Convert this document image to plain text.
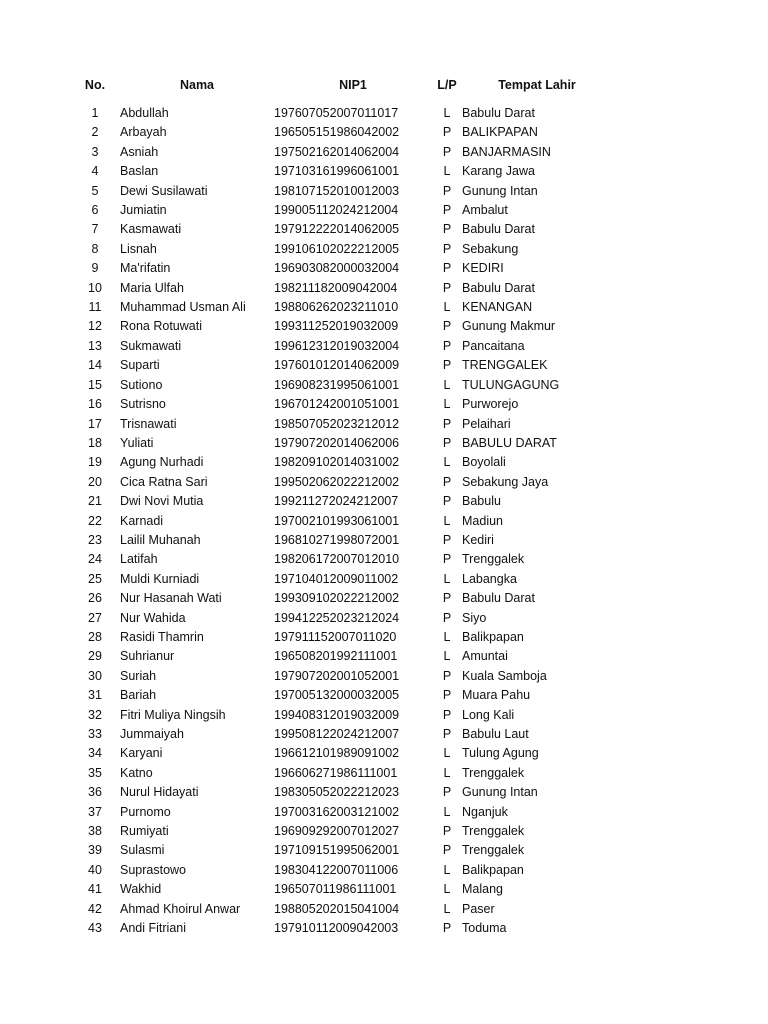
No.	Nama	NIP1	L/P	Tempat Lahir
1	Abdullah	197607052007011017	L	Babulu Darat
2	Arbayah	196505151986042002	P	BALIKPAPAN
3	Asniah	197502162014062004	P	BANJARMASIN
4	Baslan	197103161996061001	L	Karang Jawa
5	Dewi Susilawati	198107152010012003	P	Gunung Intan
6	Jumiatin	199005112024212004	P	Ambalut
7	Kasmawati	197912222014062005	P	Babulu Darat
8	Lisnah	199106102022212005	P	Sebakung
9	Ma'rifatin	196903082000032004	P	KEDIRI
10	Maria Ulfah	198211182009042004	P	Babulu Darat
11	Muhammad Usman Ali	198806262023211010	L	KENANGAN
12	Rona Rotuwati	199311252019032009	P	Gunung Makmur
13	Sukmawati	199612312019032004	P	Pancaitana
14	Suparti	197601012014062009	P	TRENGGALEK
15	Sutiono	196908231995061001	L	TULUNGAGUNG
16	Sutrisno	196701242001051001	L	Purworejo
17	Trisnawati	198507052023212012	P	Pelaihari
18	Yuliati	197907202014062006	P	BABULU DARAT
19	Agung Nurhadi	198209102014031002	L	Boyolali
20	Cica Ratna Sari	199502062022212002	P	Sebakung Jaya
21	Dwi Novi Mutia	199211272024212007	P	Babulu
22	Karnadi	197002101993061001	L	Madiun
23	Lailil Muhanah	196810271998072001	P	Kediri
24	Latifah	198206172007012010	P	Trenggalek
25	Muldi Kurniadi	197104012009011002	L	Labangka
26	Nur Hasanah Wati	199309102022212002	P	Babulu Darat
27	Nur Wahida	199412252023212024	P	Siyo
28	Rasidi Thamrin	197911152007011020	L	Balikpapan
29	Suhrianur	196508201992111001	L	Amuntai
30	Suriah	197907202001052001	P	Kuala Samboja
31	Bariah	197005132000032005	P	Muara Pahu
32	Fitri Muliya Ningsih	199408312019032009	P	Long Kali
33	Jummaiyah	199508122024212007	P	Babulu Laut
34	Karyani	196612101989091002	L	Tulung Agung
35	Katno	196606271986111001	L	Trenggalek
36	Nurul Hidayati	198305052022212023	P	Gunung Intan
37	Purnomo	197003162003121002	L	Nganjuk
38	Rumiyati	196909292007012027	P	Trenggalek
39	Sulasmi	197109151995062001	P	Trenggalek
40	Suprastowo	198304122007011006	L	Balikpapan
41	Wakhid	196507011986111001	L	Malang
42	Ahmad Khoirul Anwar	198805202015041004	L	Paser
43	Andi Fitriani	197910112009042003	P	Toduma
